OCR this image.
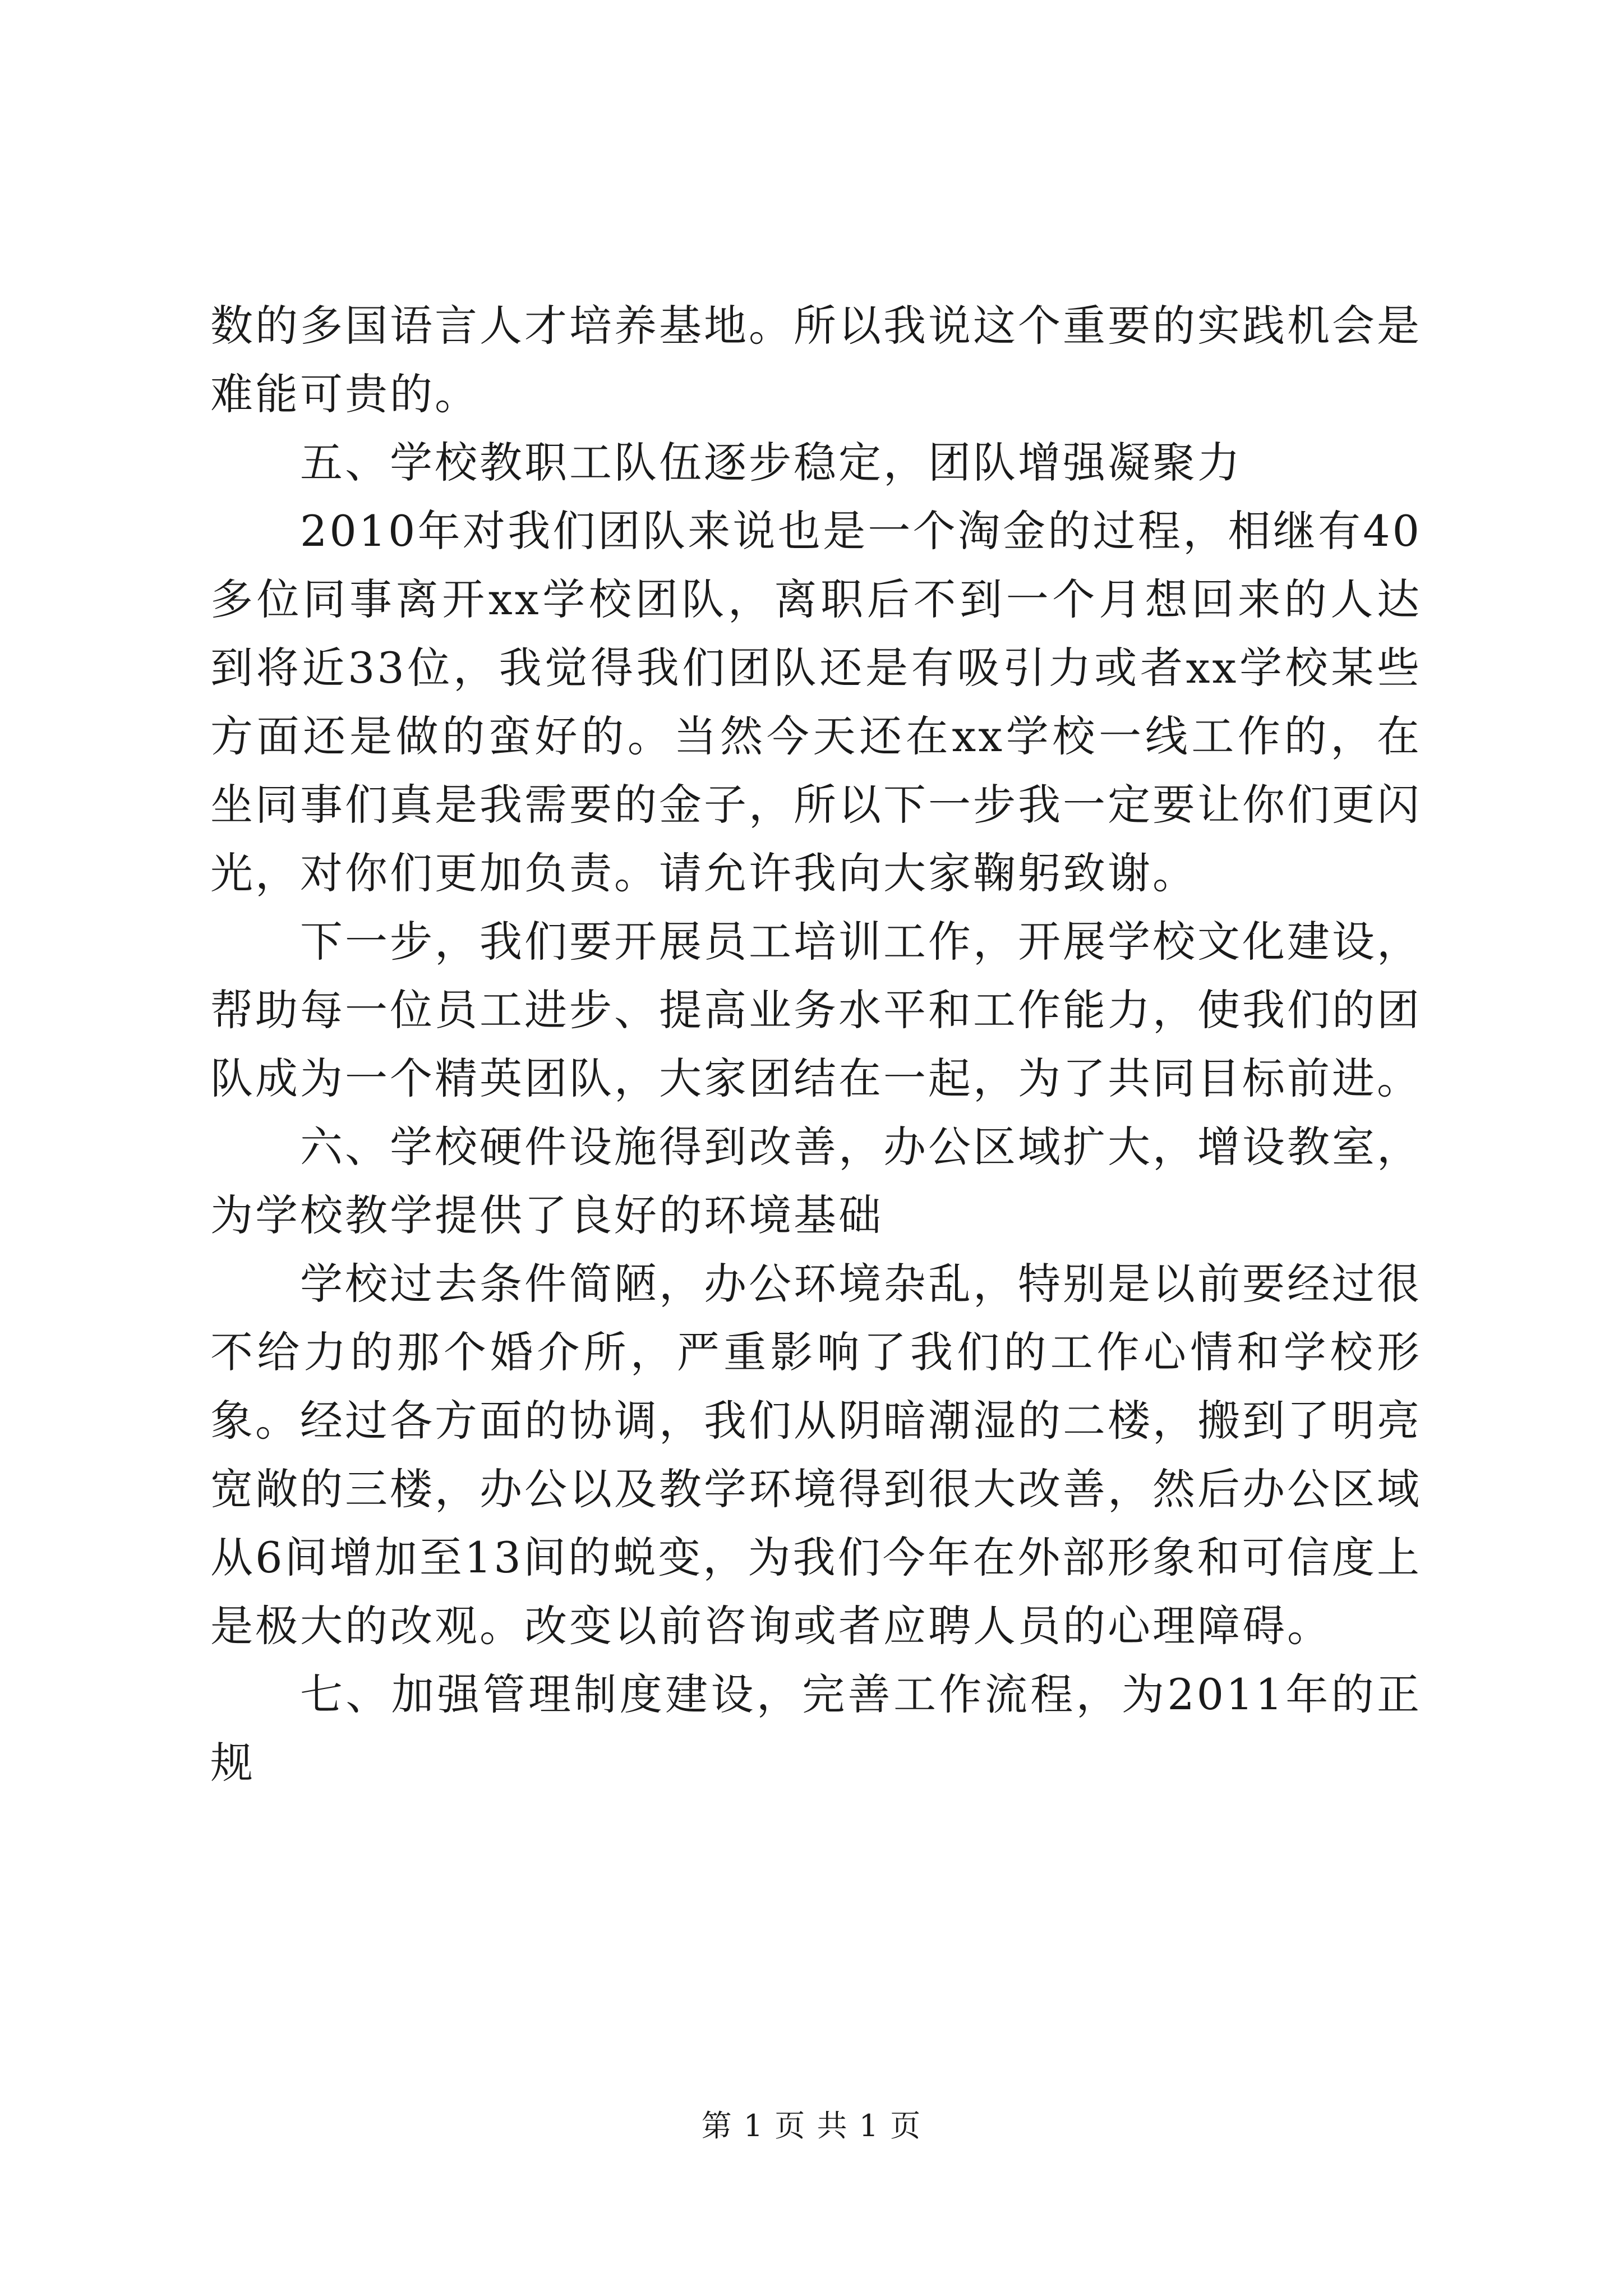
数的多国语言人才培养基地。所以我说这个重要的实践机会是难能可贵的。

五、学校教职工队伍逐步稳定，团队增强凝聚力

2010年对我们团队来说也是一个淘金的过程，相继有40多位同事离开xx学校团队，离职后不到一个月想回来的人达到将近33位，我觉得我们团队还是有吸引力或者xx学校某些方面还是做的蛮好的。当然今天还在xx学校一线工作的，在坐同事们真是我需要的金子，所以下一步我一定要让你们更闪光，对你们更加负责。请允许我向大家鞠躬致谢。

下一步，我们要开展员工培训工作，开展学校文化建设，帮助每一位员工进步、提高业务水平和工作能力，使我们的团队成为一个精英团队，大家团结在一起，为了共同目标前进。

六、学校硬件设施得到改善，办公区域扩大，增设教室，为学校教学提供了良好的环境基础

学校过去条件简陋，办公环境杂乱，特别是以前要经过很不给力的那个婚介所，严重影响了我们的工作心情和学校形象。经过各方面的协调，我们从阴暗潮湿的二楼，搬到了明亮宽敞的三楼，办公以及教学环境得到很大改善，然后办公区域从6间增加至13间的蜕变，为我们今年在外部形象和可信度上是极大的改观。改变以前咨询或者应聘人员的心理障碍。

七、加强管理制度建设，完善工作流程，为2011年的正规

第 1 页 共 1 页
